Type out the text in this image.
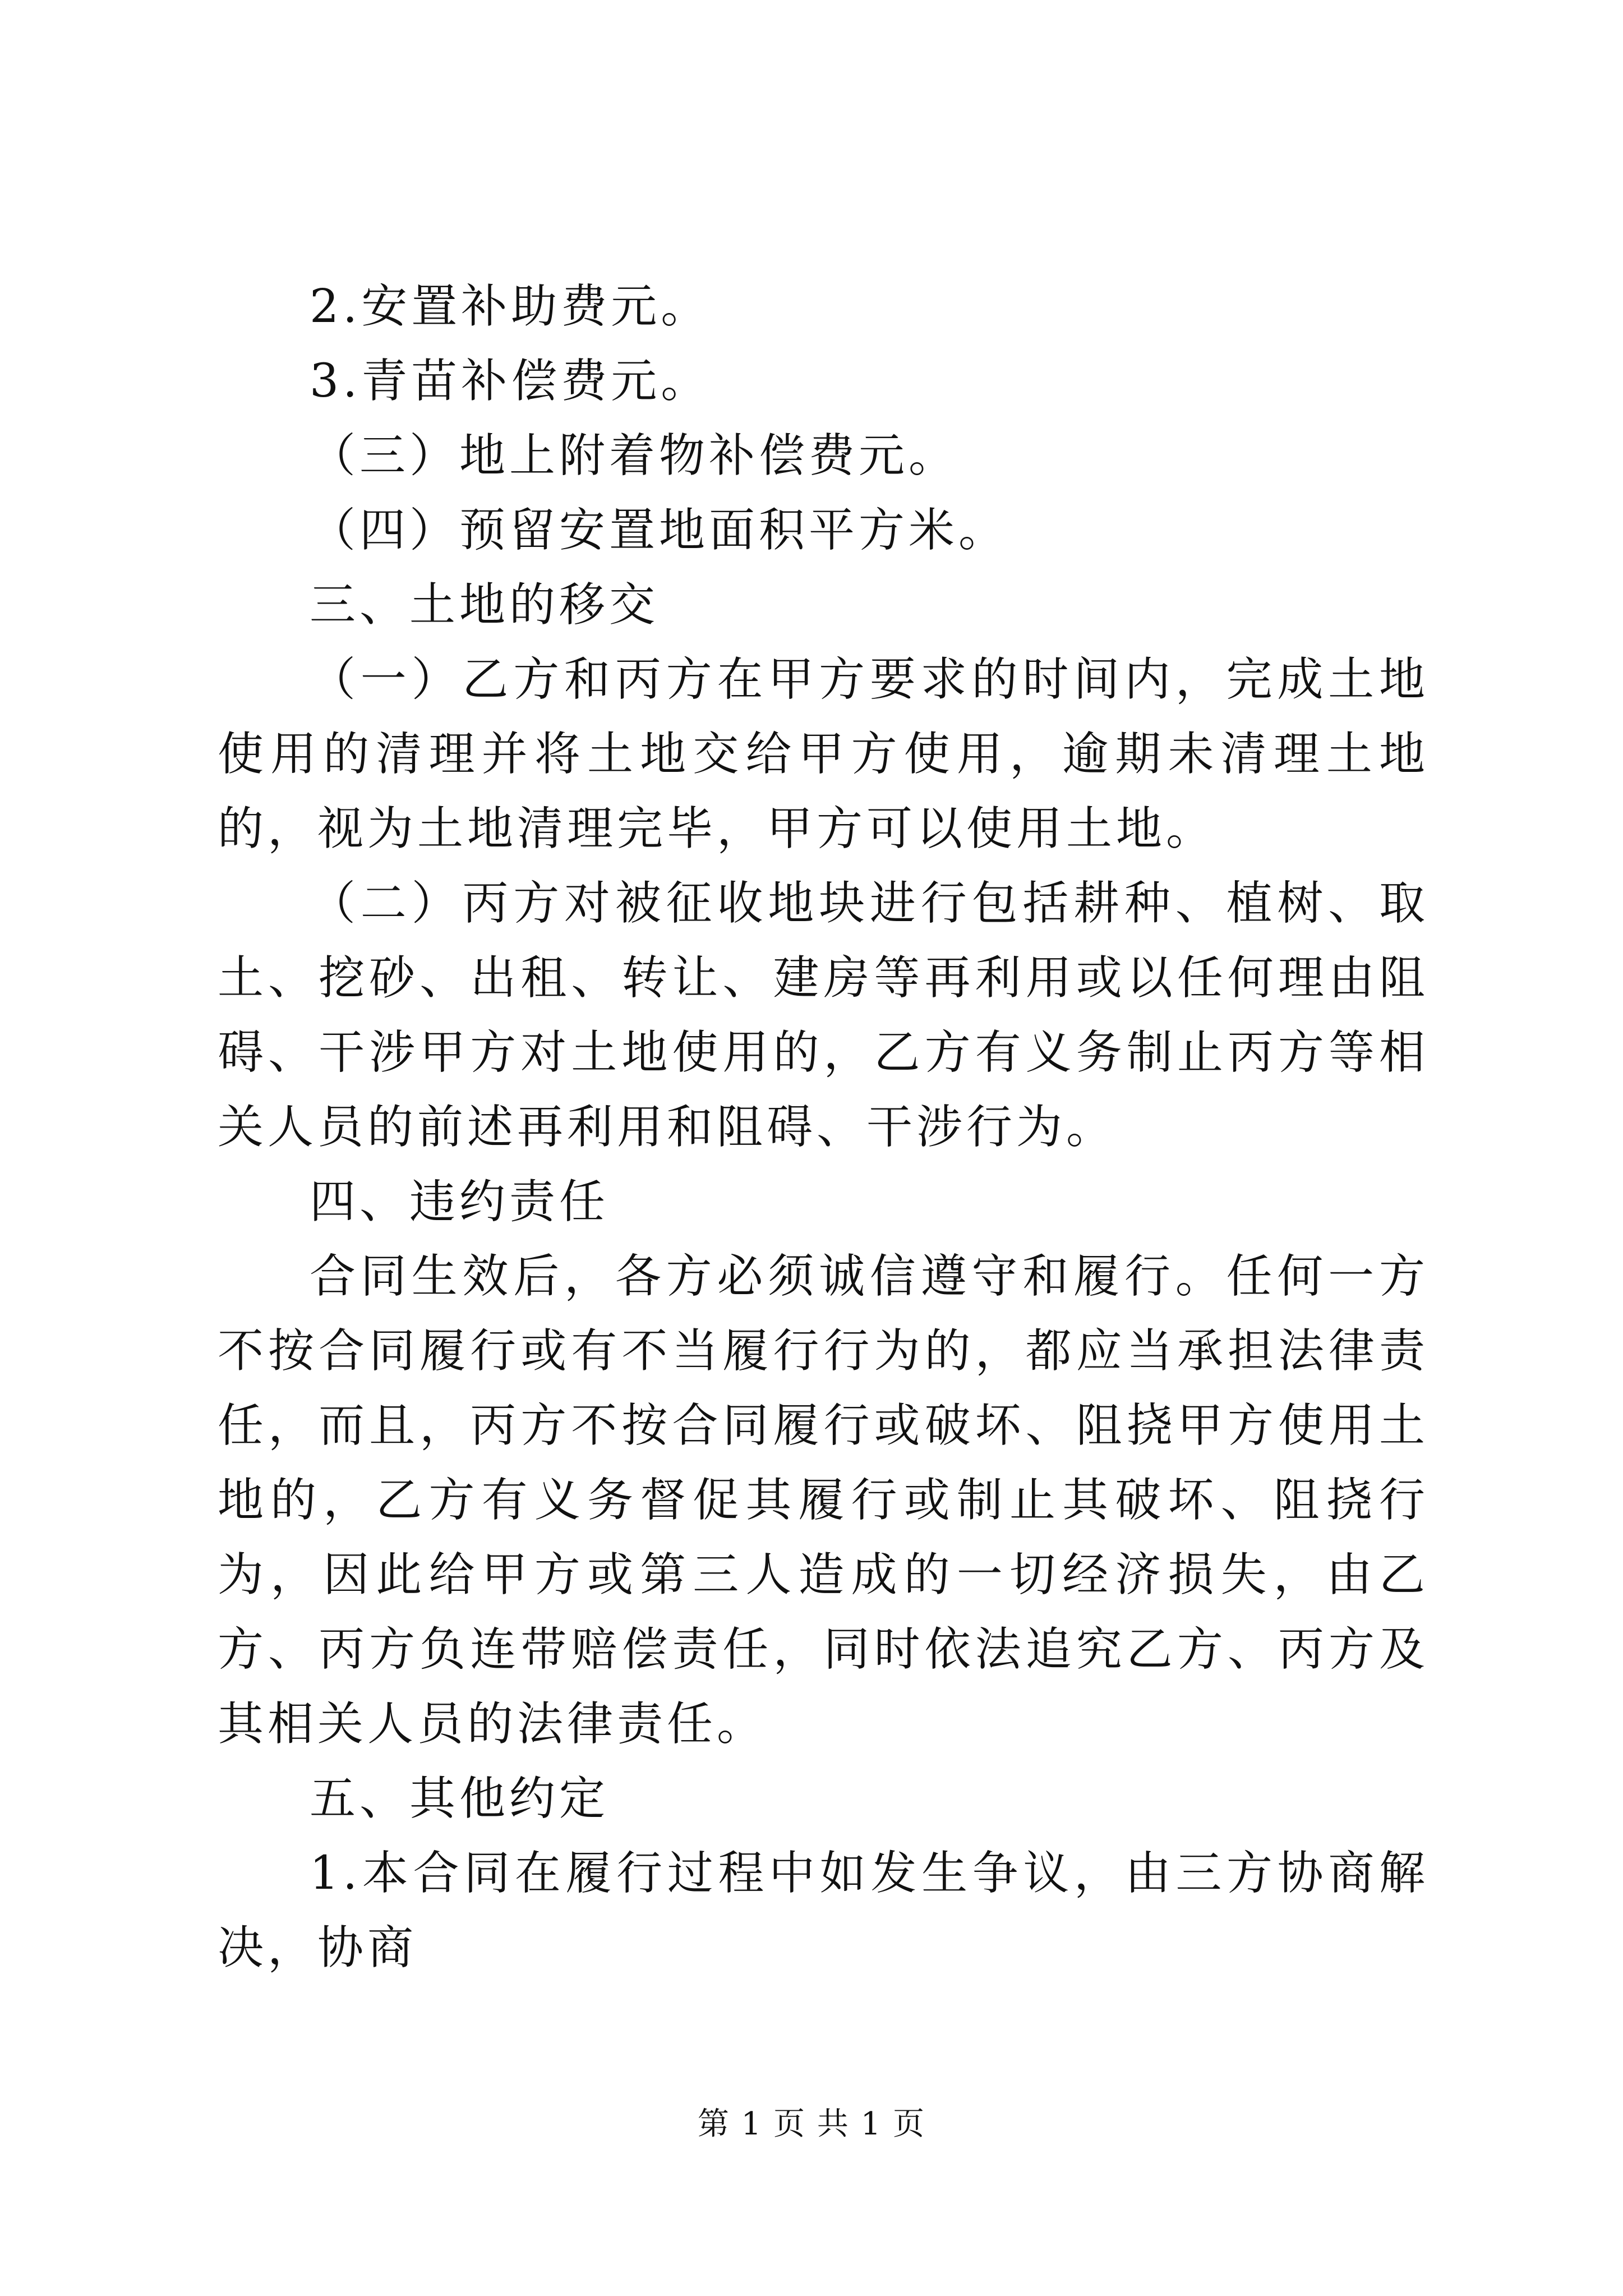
2.安置补助费元。

3.青苗补偿费元。

（三）地上附着物补偿费元。

（四）预留安置地面积平方米。

三、土地的移交

（一）乙方和丙方在甲方要求的时间内，完成土地使用的清理并将土地交给甲方使用，逾期未清理土地的，视为土地清理完毕，甲方可以使用土地。

（二）丙方对被征收地块进行包括耕种、植树、取土、挖砂、出租、转让、建房等再利用或以任何理由阻碍、干涉甲方对土地使用的，乙方有义务制止丙方等相关人员的前述再利用和阻碍、干涉行为。

四、违约责任

合同生效后，各方必须诚信遵守和履行。任何一方不按合同履行或有不当履行行为的，都应当承担法律责任，而且，丙方不按合同履行或破坏、阻挠甲方使用土地的，乙方有义务督促其履行或制止其破坏、阻挠行为，因此给甲方或第三人造成的一切经济损失，由乙方、丙方负连带赔偿责任，同时依法追究乙方、丙方及其相关人员的法律责任。

五、其他约定

1.本合同在履行过程中如发生争议，由三方协商解决，协商

第 1 页 共 1 页
